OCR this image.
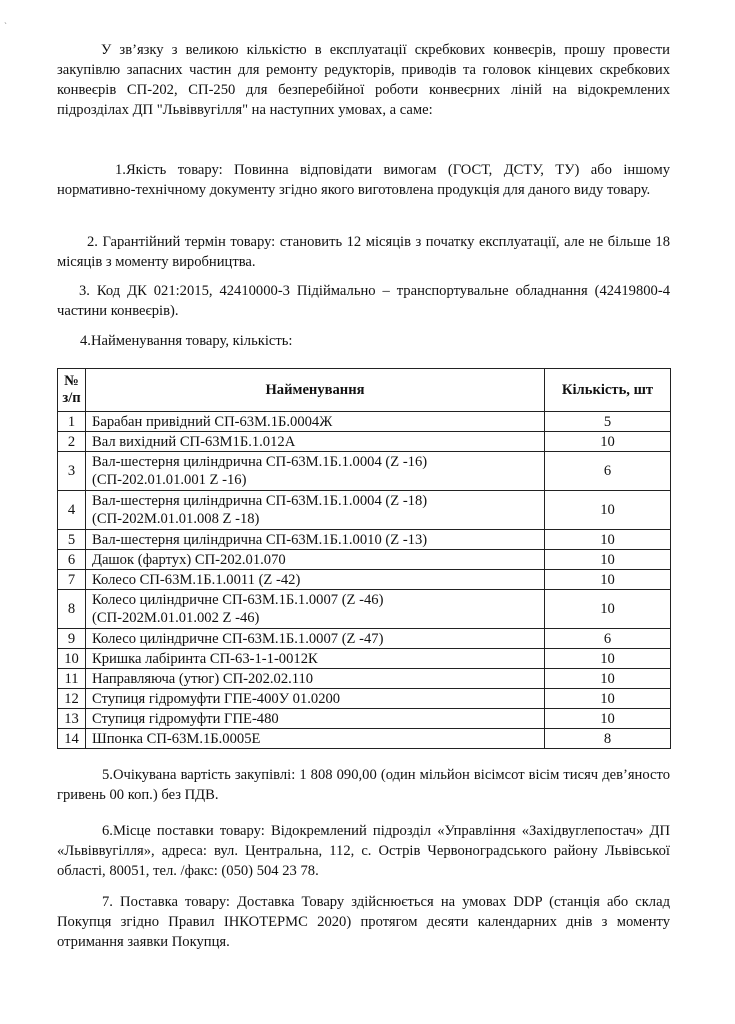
`

У зв’язку з великою кількістю в експлуатації скребкових конвеєрів, прошу провести закупівлю запасних частин для ремонту редукторів, приводів та головок кінцевих скребкових конвеєрів СП-202, СП-250 для безперебійної роботи конвеєрних ліній на відокремлених підрозділах ДП "Львіввугілля" на наступних умовах, а саме:

1.Якість товару: Повинна відповідати вимогам (ГОСТ, ДСТУ, ТУ) або іншому нормативно-технічному документу згідно якого виготовлена продукція для даного виду товару.

2. Гарантійний термін товару: становить 12 місяців з початку експлуатації, але не більше 18 місяців з моменту виробництва.

3. Код ДК 021:2015, 42410000-3 Підіймально – транспортувальне обладнання (42419800-4 частини конвеєрів).

4.Найменування товару, кількість:

№ з/п	Найменування	Кількість, шт
1	Барабан привідний СП-63М.1Б.0004Ж	5
2	Вал вихідний СП-63М1Б.1.012А	10
3	Вал-шестерня циліндрична СП-63М.1Б.1.0004 (Z -16)
(СП-202.01.01.001 Z -16)	6
4	Вал-шестерня циліндрична СП-63М.1Б.1.0004 (Z -18)
(СП-202М.01.01.008 Z -18)	10
5	Вал-шестерня циліндрична СП-63М.1Б.1.0010 (Z -13)	10
6	Дашок (фартух) СП-202.01.070	10
7	Колесо СП-63М.1Б.1.0011 (Z -42)	10
8	Колесо циліндричне СП-63М.1Б.1.0007 (Z -46)
(СП-202М.01.01.002 Z -46)	10
9	Колесо циліндричне СП-63М.1Б.1.0007 (Z -47)	6
10	Кришка лабіринта СП-63-1-1-0012К	10
11	Направляюча (утюг) СП-202.02.110	10
12	Ступиця гідромуфти ГПЕ-400У 01.0200	10
13	Ступиця гідромуфти ГПЕ-480	10
14	Шпонка СП-63М.1Б.0005Е	8

5.Очікувана вартість закупівлі: 1 808 090,00 (один мільйон вісімсот вісім тисяч дев’яносто гривень 00 коп.) без ПДВ.

6.Місце поставки товару: Відокремлений підрозділ «Управління «Західвуглепостач» ДП «Львіввугілля», адреса: вул. Центральна, 112, с. Острів Червоноградського району Львівської області, 80051, тел. /факс: (050) 504 23 78.

7. Поставка товару: Доставка Товару здійснюється на умовах DDP (станція або склад Покупця згідно Правил ІНКОТЕРМС 2020) протягом десяти календарних днів з моменту отримання заявки Покупця.
